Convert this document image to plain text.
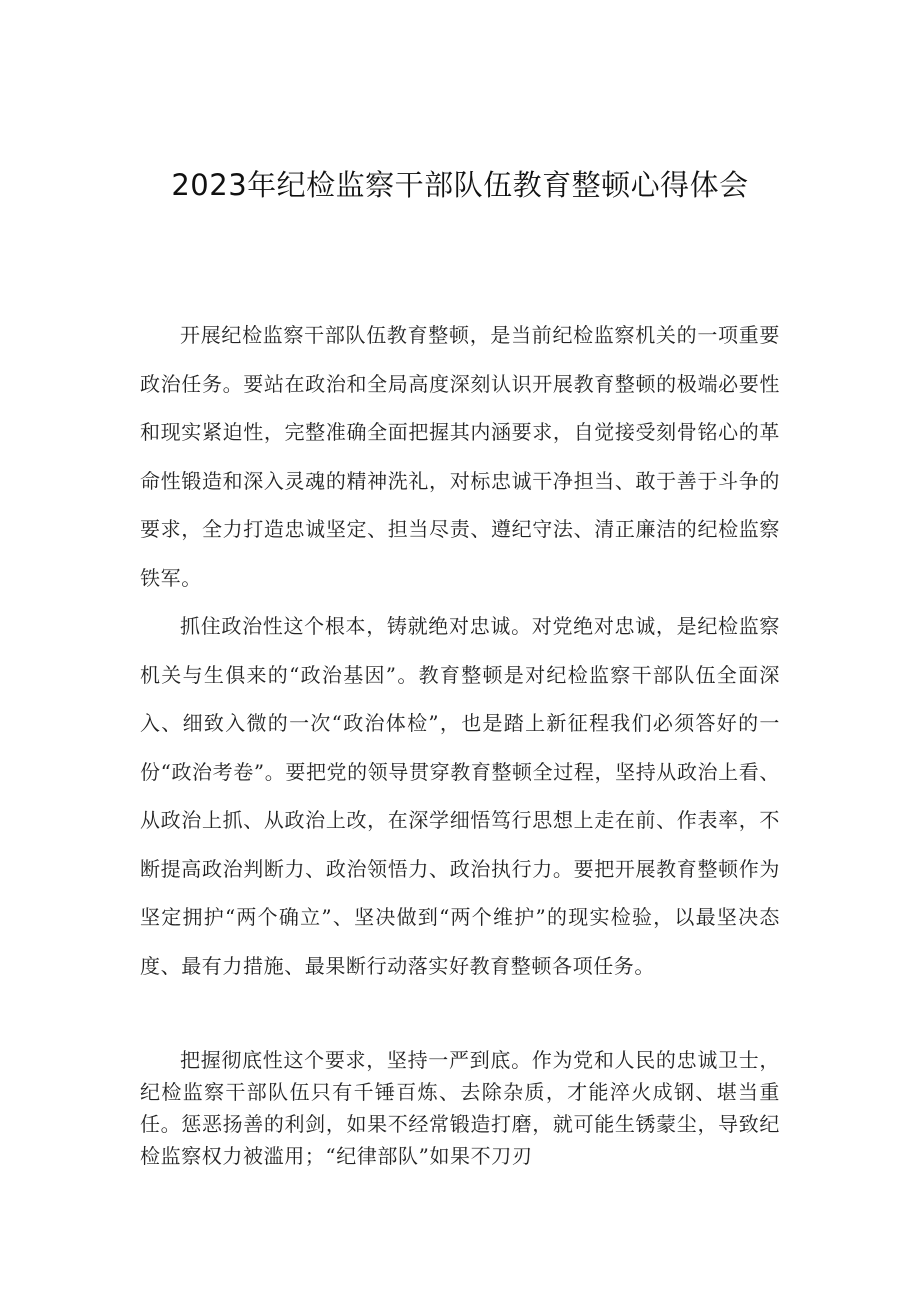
2023年纪检监察干部队伍教育整顿心得体会

开展纪检监察干部队伍教育整顿，是当前纪检监察机关的一项重要政治任务。要站在政治和全局高度深刻认识开展教育整顿的极端必要性和现实紧迫性，完整准确全面把握其内涵要求，自觉接受刻骨铭心的革命性锻造和深入灵魂的精神洗礼，对标忠诚干净担当、敢于善于斗争的要求，全力打造忠诚坚定、担当尽责、遵纪守法、清正廉洁的纪检监察铁军。

抓住政治性这个根本，铸就绝对忠诚。对党绝对忠诚，是纪检监察机关与生俱来的“政治基因”。教育整顿是对纪检监察干部队伍全面深入、细致入微的一次“政治体检”，也是踏上新征程我们必须答好的一份“政治考卷”。要把党的领导贯穿教育整顿全过程，坚持从政治上看、从政治上抓、从政治上改，在深学细悟笃行思想上走在前、作表率，不断提高政治判断力、政治领悟力、政治执行力。要把开展教育整顿作为坚定拥护“两个确立”、坚决做到“两个维护”的现实检验，以最坚决态度、最有力措施、最果断行动落实好教育整顿各项任务。

把握彻底性这个要求，坚持一严到底。作为党和人民的忠诚卫士，纪检监察干部队伍只有千锤百炼、去除杂质，才能淬火成钢、堪当重任。惩恶扬善的利剑，如果不经常锻造打磨，就可能生锈蒙尘，导致纪检监察权力被滥用；“纪律部队”如果不刀刃
